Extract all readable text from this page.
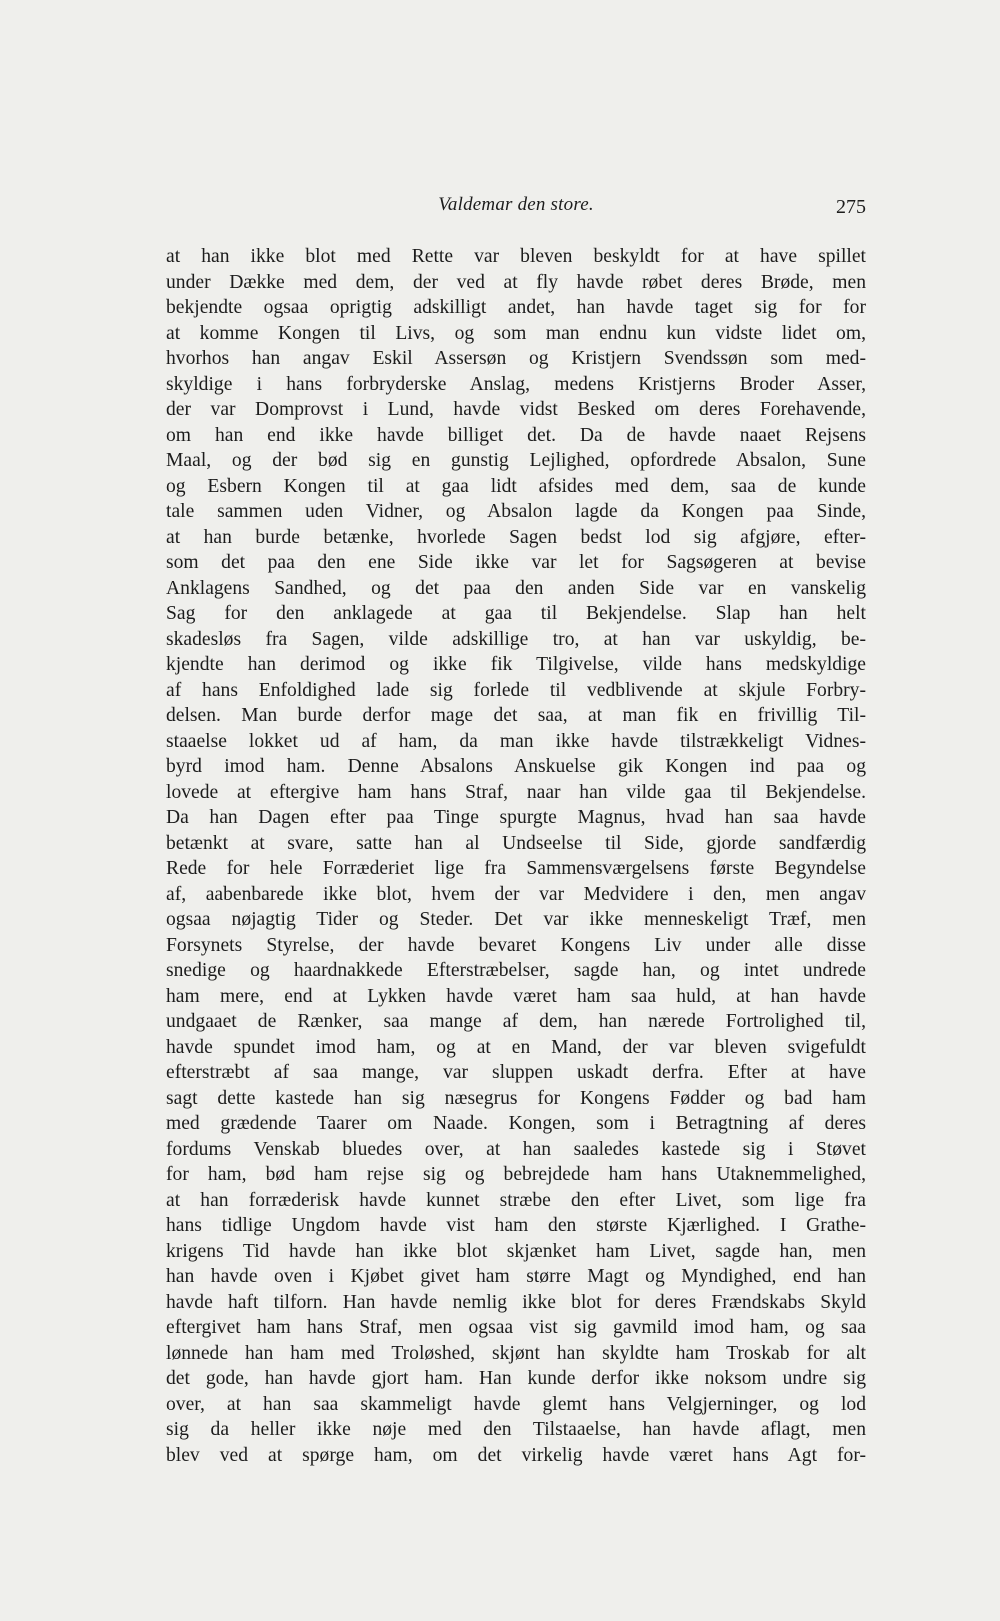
Valdemar den store.	275
at han ikke blot med Rette var bleven beskyldt for at have spillet
under Dække med dem, der ved at fly havde røbet deres Brøde, men
bekjendte ogsaa oprigtig adskilligt andet, han havde taget sig for for
at komme Kongen til Livs, og som man endnu kun vidste lidet om,
hvorhos han angav Eskil Assersøn og Kristjern Svendssøn som med-
skyldige i hans forbryderske Anslag, medens Kristjerns Broder Asser,
der var Domprovst i Lund, havde vidst Besked om deres Forehavende,
om han end ikke havde billiget det. Da de havde naaet Rejsens
Maal, og der bød sig en gunstig Lejlighed, opfordrede Absalon, Sune
og Esbern Kongen til at gaa lidt afsides med dem, saa de kunde
tale sammen uden Vidner, og Absalon lagde da Kongen paa Sinde,
at han burde betænke, hvorlede Sagen bedst lod sig afgjøre, efter-
som det paa den ene Side ikke var let for Sagsøgeren at bevise
Anklagens Sandhed, og det paa den anden Side var en vanskelig
Sag for den anklagede at gaa til Bekjendelse. Slap han helt
skadesløs fra Sagen, vilde adskillige tro, at han var uskyldig, be-
kjendte han derimod og ikke fik Tilgivelse, vilde hans medskyldige
af hans Enfoldighed lade sig forlede til vedblivende at skjule Forbry-
delsen. Man burde derfor mage det saa, at man fik en frivillig Til-
staaelse lokket ud af ham, da man ikke havde tilstrækkeligt Vidnes-
byrd imod ham. Denne Absalons Anskuelse gik Kongen ind paa og
lovede at eftergive ham hans Straf, naar han vilde gaa til Bekjendelse.
Da han Dagen efter paa Tinge spurgte Magnus, hvad han saa havde
betænkt at svare, satte han al Undseelse til Side, gjorde sandfærdig
Rede for hele Forræderiet lige fra Sammensværgelsens første Begyndelse
af, aabenbarede ikke blot, hvem der var Medvidere i den, men angav
ogsaa nøjagtig Tider og Steder. Det var ikke menneskeligt Træf, men
Forsynets Styrelse, der havde bevaret Kongens Liv under alle disse
snedige og haardnakkede Efterstræbelser, sagde han, og intet undrede
ham mere, end at Lykken havde været ham saa huld, at han havde
undgaaet de Rænker, saa mange af dem, han nærede Fortrolighed til,
havde spundet imod ham, og at en Mand, der var bleven svigefuldt
efterstræbt af saa mange, var sluppen uskadt derfra. Efter at have
sagt dette kastede han sig næsegrus for Kongens Fødder og bad ham
med grædende Taarer om Naade. Kongen, som i Betragtning af deres
fordums Venskab bluedes over, at han saaledes kastede sig i Støvet
for ham, bød ham rejse sig og bebrejdede ham hans Utaknemmelighed,
at han forræderisk havde kunnet stræbe den efter Livet, som lige fra
hans tidlige Ungdom havde vist ham den største Kjærlighed. I Grathe-
krigens Tid havde han ikke blot skjænket ham Livet, sagde han, men
han havde oven i Kjøbet givet ham større Magt og Myndighed, end han
havde haft tilforn. Han havde nemlig ikke blot for deres Frændskabs Skyld
eftergivet ham hans Straf, men ogsaa vist sig gavmild imod ham, og saa
lønnede han ham med Troløshed, skjønt han skyldte ham Troskab for alt
det gode, han havde gjort ham. Han kunde derfor ikke noksom undre sig
over, at han saa skammeligt havde glemt hans Velgjerninger, og lod
sig da heller ikke nøje med den Tilstaaelse, han havde aflagt, men
blev ved at spørge ham, om det virkelig havde været hans Agt for-
